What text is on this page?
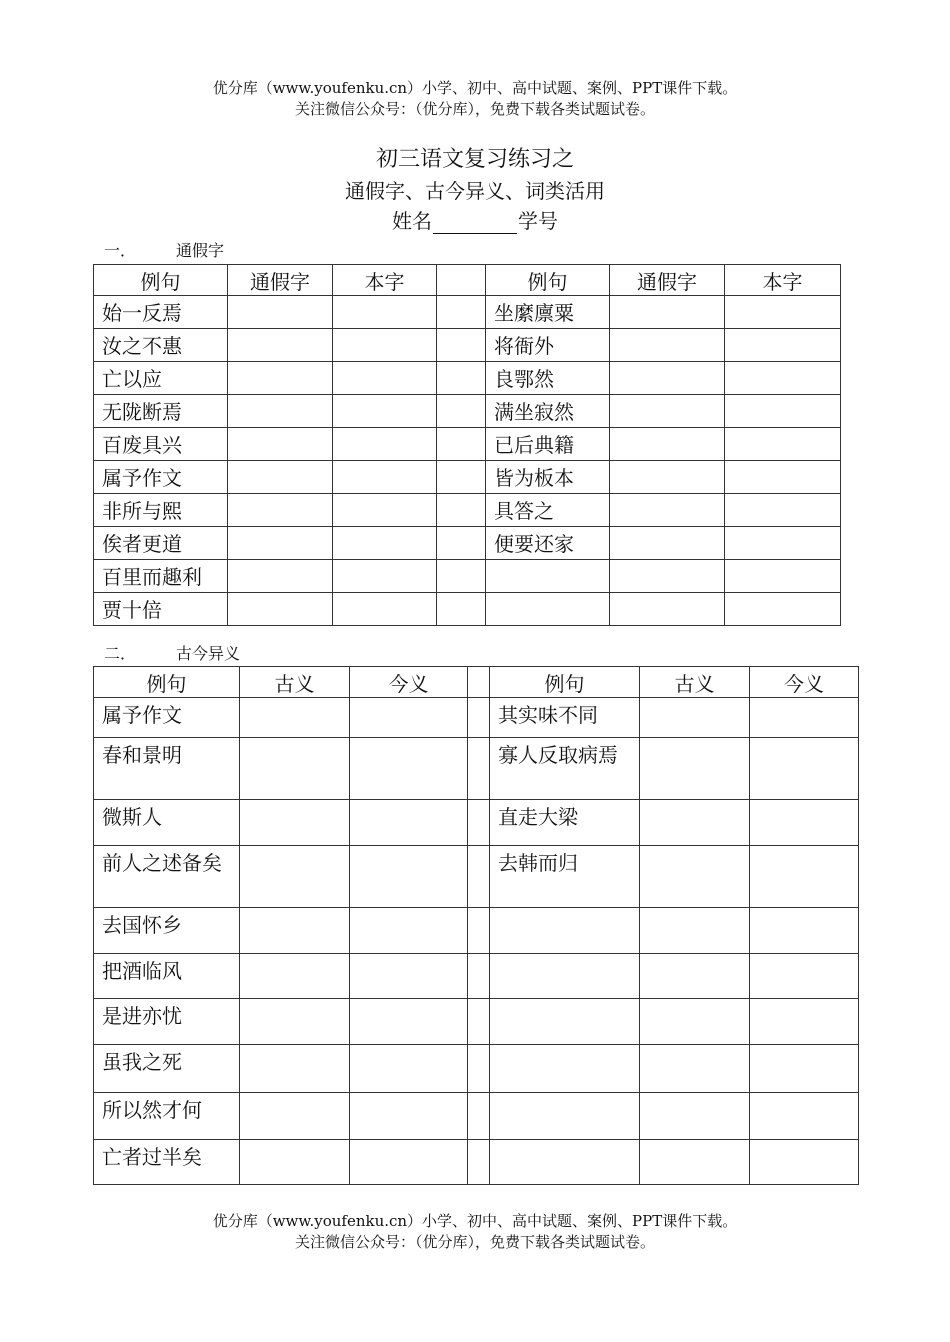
优分库（www.youfenku.cn）小学、初中、高中试题、案例、PPT课件下载。
关注微信公众号：（优分库），免费下载各类试题试卷。
初三语文复习练习之
通假字、古今异义、词类活用
姓名	学号
一．	通假字
例句	通假字	本字		例句	通假字	本字
始一反焉				坐縻廪粟		
汝之不惠				将衙外		
亡以应				良鄂然		
无陇断焉				满坐寂然		
百废具兴				已后典籍		
属予作文				皆为板本		
非所与熙				具答之		
俟者更道				便要还家		
百里而趣利						
贾十倍						
二．	古今异义
例句	古义	今义		例句	古义	今义
属予作文				其实味不同		
春和景明				寡人反取病焉		
微斯人				直走大梁		
前人之述备矣				去韩而归		
去国怀乡						
把酒临风						
是进亦忧						
虽我之死						
所以然才何						
亡者过半矣						
优分库（www.youfenku.cn）小学、初中、高中试题、案例、PPT课件下载。
关注微信公众号：（优分库），免费下载各类试题试卷。
